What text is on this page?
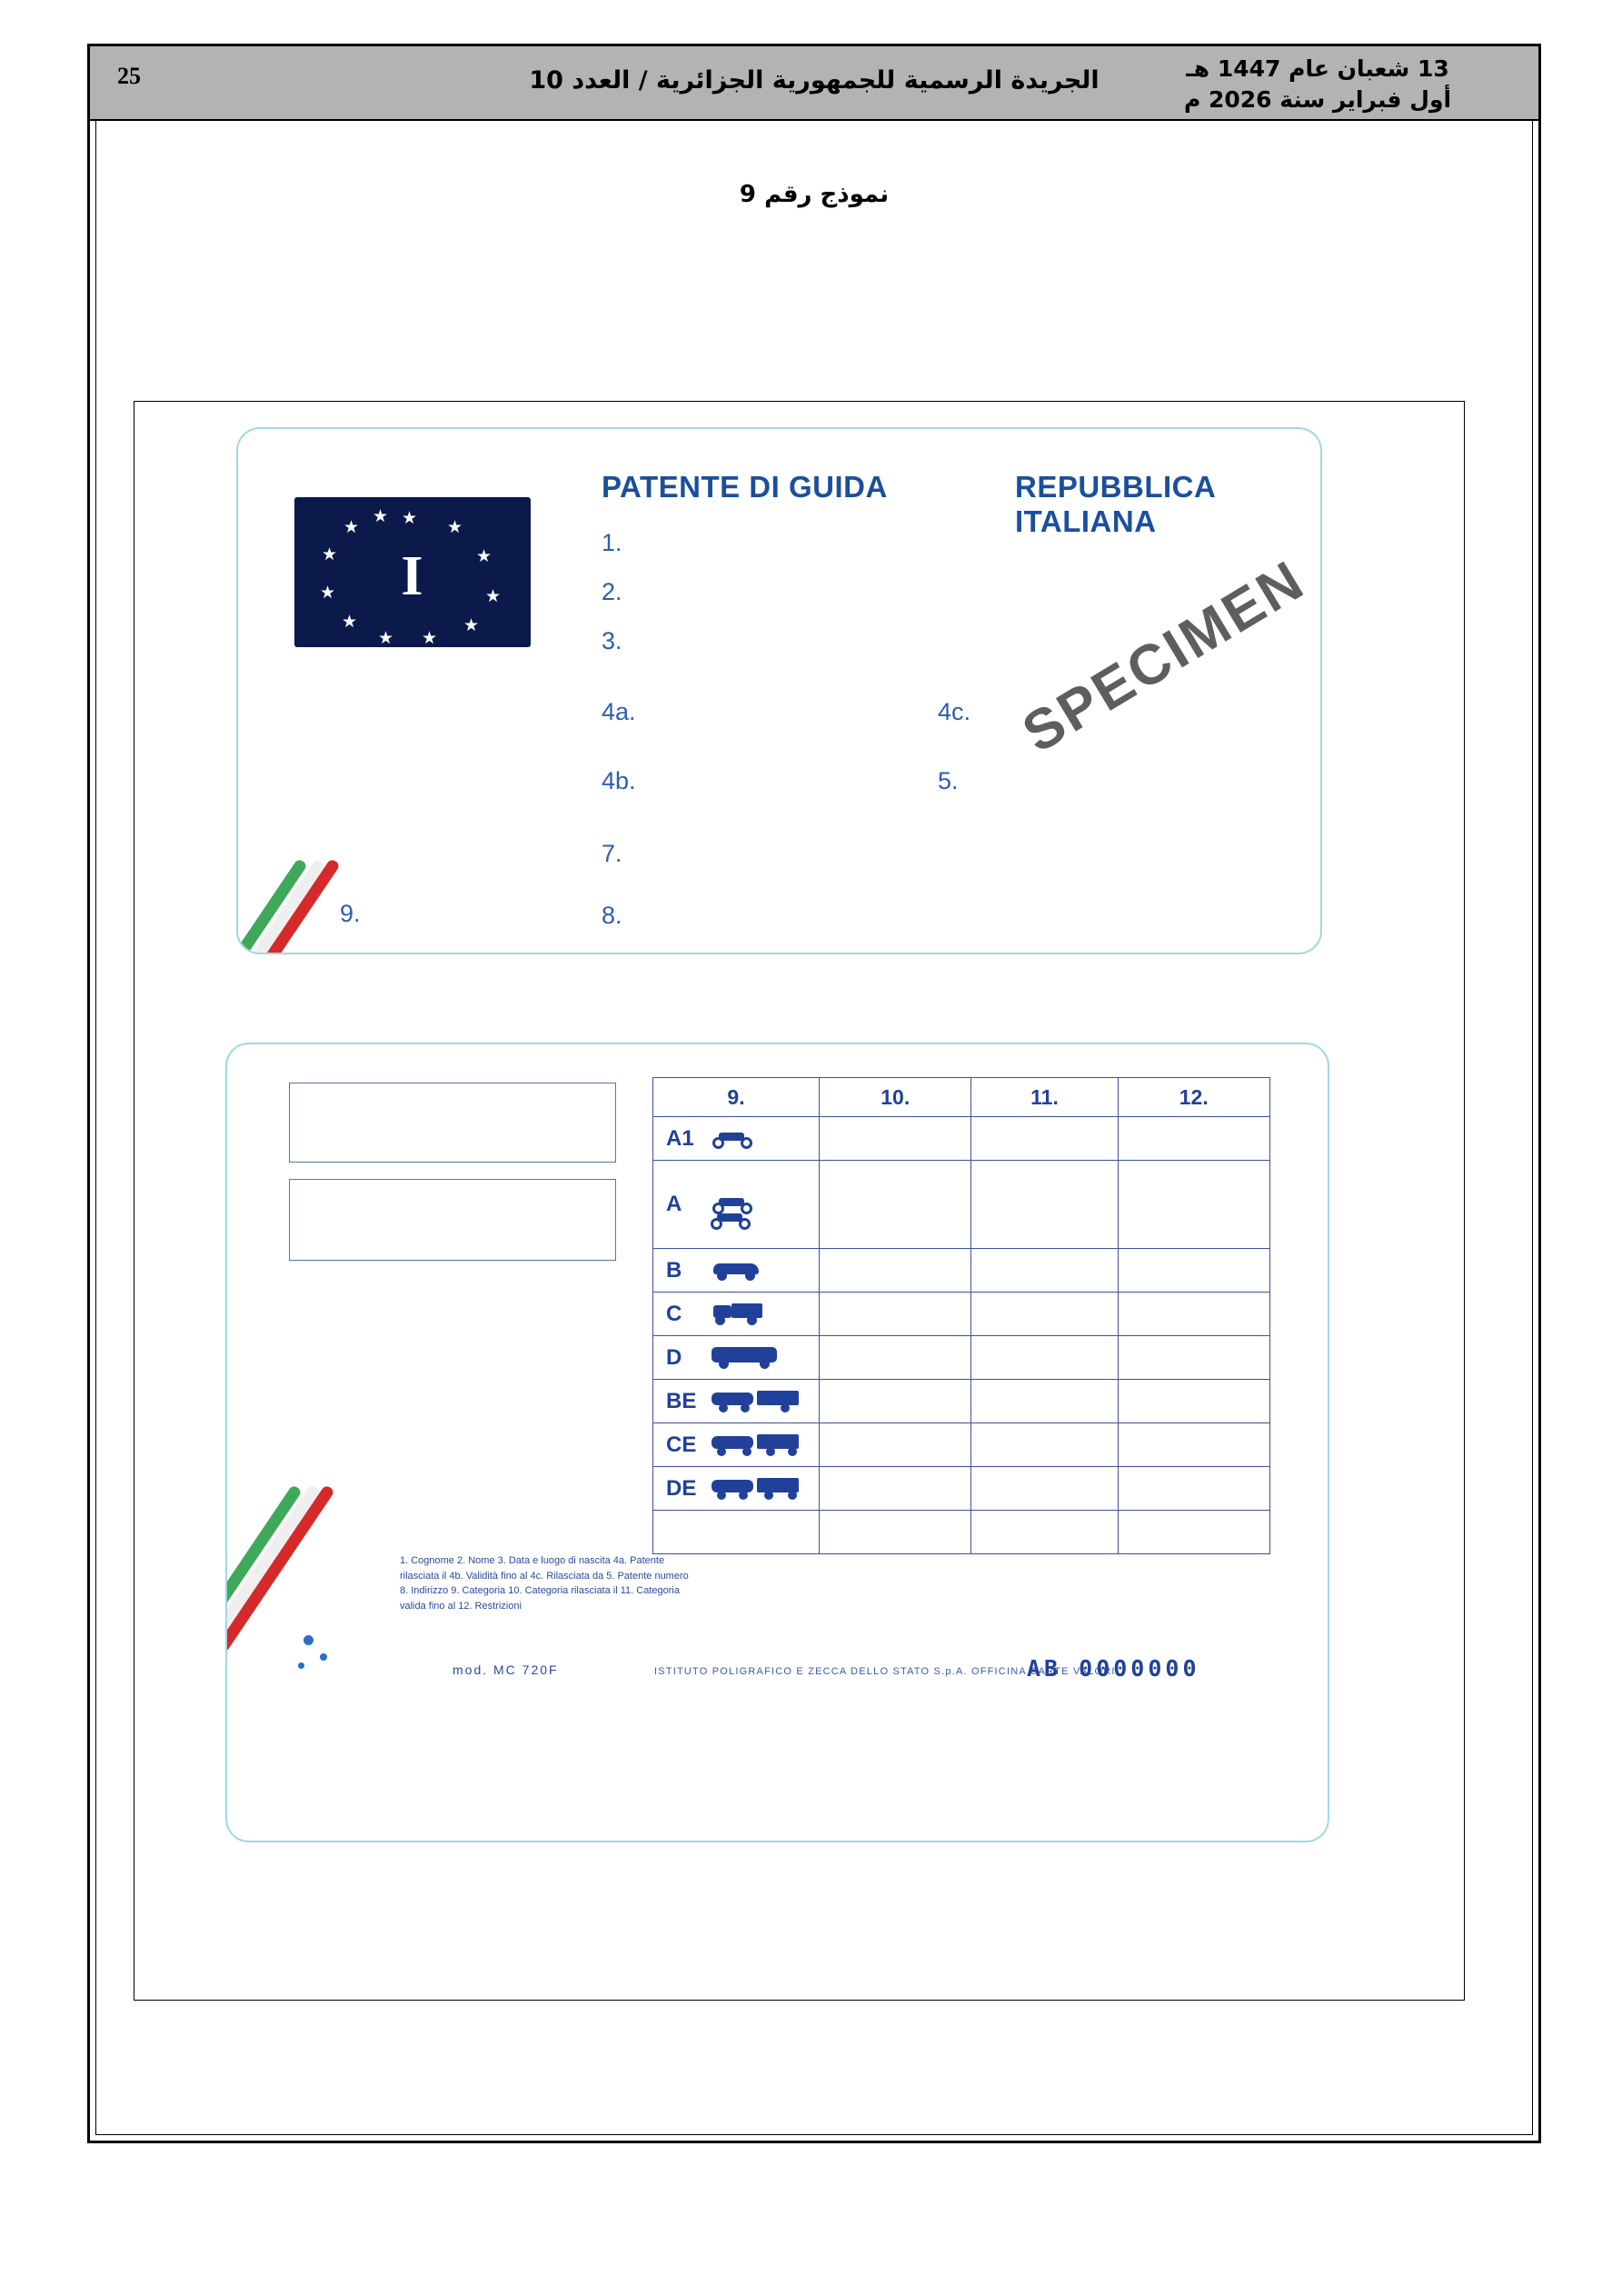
25	الجريدة الرسمية للجمهورية الجزائرية / العدد 10	13 شعبان عام 1447 هـ
أول فبراير سنة 2026 م
نموذج رقم 9
★ ★
★
★
★
★
★
★
★
★
★
★
I
PATENTE DI GUIDA	REPUBBLICA ITALIANA
1.
2.
3.
4a.
4b.
7.
8.
4c.
5.
9.
SPECIMEN
9.	10.	11.	12.
A1

A

B

C

D

BE

CE

DE

1. Cognome 2. Nome 3. Data e luogo di nascita 4a. Patente rilasciata il 4b. Validità fino al 4c. Rilasciata da 5. Patente numero 8. Indirizzo 9. Categoria 10. Categoria rilasciata il 11. Categoria valida fino al 12. Restrizioni
mod. MC 720F	ISTITUTO POLIGRAFICO E ZECCA DELLO STATO S.p.A. OFFICINA CARTE VALORI
AB 0000000
